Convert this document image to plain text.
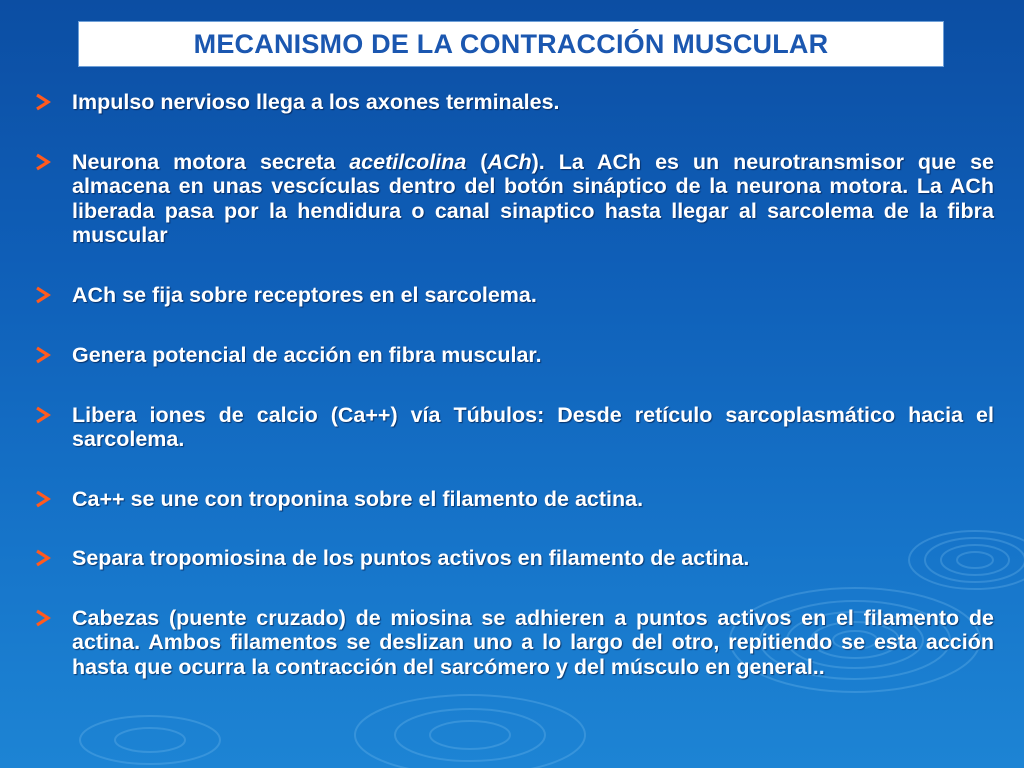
MECANISMO DE LA CONTRACCIÓN MUSCULAR
Impulso nervioso llega a los axones terminales.
Neurona motora secreta acetilcolina (ACh). La ACh es un neurotransmisor que se almacena en unas vescículas dentro del botón sináptico de la neurona motora. La ACh liberada pasa por la hendidura o canal sinaptico hasta llegar al sarcolema de la fibra muscular
ACh se fija sobre receptores en el sarcolema.
Genera potencial de acción en fibra muscular.
Libera iones de calcio (Ca++) vía Túbulos: Desde retículo sarcoplasmático hacia el sarcolema.
Ca++ se une con troponina sobre el filamento de actina.
Separa tropomiosina de los puntos activos en filamento de actina.
Cabezas (puente cruzado) de miosina se adhieren a puntos activos en el filamento de actina. Ambos filamentos se deslizan uno a lo largo del otro, repitiendo se esta acción hasta que ocurra la contracción del sarcómero y del músculo en general..
